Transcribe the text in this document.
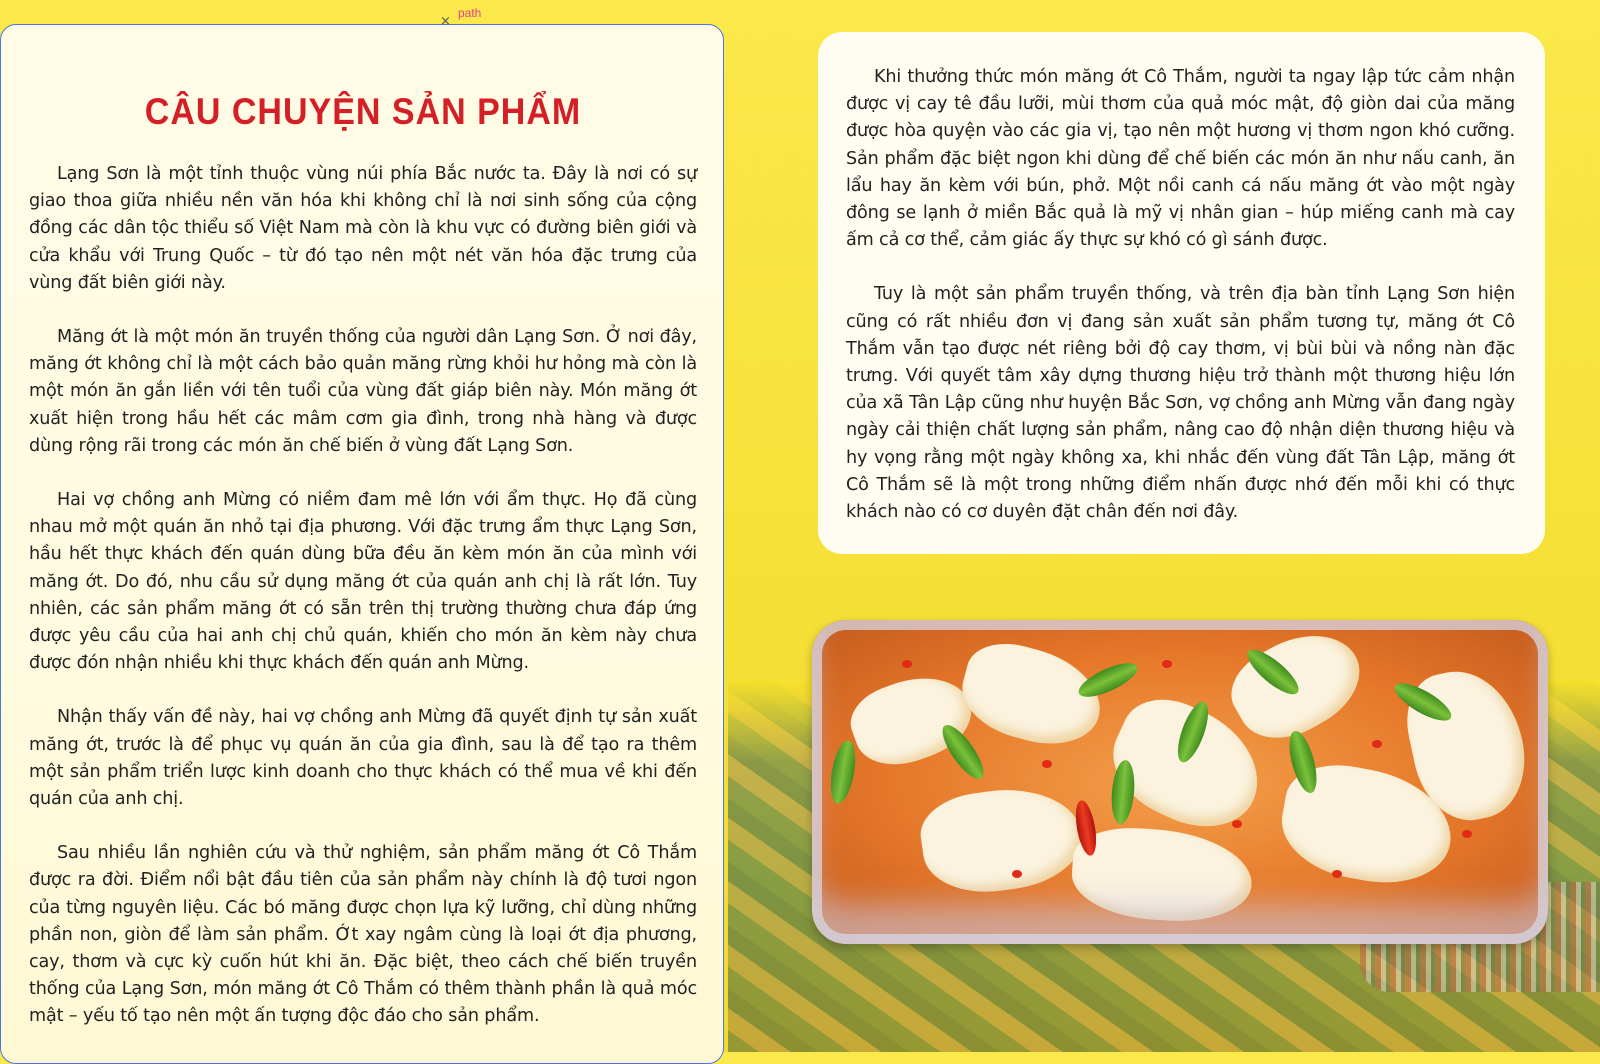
CÂU CHUYỆN SẢN PHẨM

Lạng Sơn là một tỉnh thuộc vùng núi phía Bắc nước ta. Đây là nơi có sự giao thoa giữa nhiều nền văn hóa khi không chỉ là nơi sinh sống của cộng đồng các dân tộc thiểu số Việt Nam mà còn là khu vực có đường biên giới và cửa khẩu với Trung Quốc – từ đó tạo nên một nét văn hóa đặc trưng của vùng đất biên giới này.

Măng ớt là một món ăn truyền thống của người dân Lạng Sơn. Ở nơi đây, măng ớt không chỉ là một cách bảo quản măng rừng khỏi hư hỏng mà còn là một món ăn gắn liền với tên tuổi của vùng đất giáp biên này. Món măng ớt xuất hiện trong hầu hết các mâm cơm gia đình, trong nhà hàng và được dùng rộng rãi trong các món ăn chế biến ở vùng đất Lạng Sơn.

Hai vợ chồng anh Mừng có niềm đam mê lớn với ẩm thực. Họ đã cùng nhau mở một quán ăn nhỏ tại địa phương. Với đặc trưng ẩm thực Lạng Sơn, hầu hết thực khách đến quán dùng bữa đều ăn kèm món ăn của mình với măng ớt. Do đó, nhu cầu sử dụng măng ớt của quán anh chị là rất lớn. Tuy nhiên, các sản phẩm măng ớt có sẵn trên thị trường thường chưa đáp ứng được yêu cầu của hai anh chị chủ quán, khiến cho món ăn kèm này chưa được đón nhận nhiều khi thực khách đến quán anh Mừng.

Nhận thấy vấn đề này, hai vợ chồng anh Mừng đã quyết định tự sản xuất măng ớt, trước là để phục vụ quán ăn của gia đình, sau là để tạo ra thêm một sản phẩm triển lược kinh doanh cho thực khách có thể mua về khi đến quán của anh chị.

Sau nhiều lần nghiên cứu và thử nghiệm, sản phẩm măng ớt Cô Thắm được ra đời. Điểm nổi bật đầu tiên của sản phẩm này chính là độ tươi ngon của từng nguyên liệu. Các bó măng được chọn lựa kỹ lưỡng, chỉ dùng những phần non, giòn để làm sản phẩm. Ớt xay ngâm cùng là loại ớt địa phương, cay, thơm và cực kỳ cuốn hút khi ăn. Đặc biệt, theo cách chế biến truyền thống của Lạng Sơn, món măng ớt Cô Thắm có thêm thành phần là quả móc mật – yếu tố tạo nên một ấn tượng độc đáo cho sản phẩm.

×
path

Khi thưởng thức món măng ớt Cô Thắm, người ta ngay lập tức cảm nhận được vị cay tê đầu lưỡi, mùi thơm của quả móc mật, độ giòn dai của măng được hòa quyện vào các gia vị, tạo nên một hương vị thơm ngon khó cưỡng. Sản phẩm đặc biệt ngon khi dùng để chế biến các món ăn như nấu canh, ăn lẩu hay ăn kèm với bún, phở. Một nồi canh cá nấu măng ớt vào một ngày đông se lạnh ở miền Bắc quả là mỹ vị nhân gian – húp miếng canh mà cay ấm cả cơ thể, cảm giác ấy thực sự khó có gì sánh được.

Tuy là một sản phẩm truyền thống, và trên địa bàn tỉnh Lạng Sơn hiện cũng có rất nhiều đơn vị đang sản xuất sản phẩm tương tự, măng ớt Cô Thắm vẫn tạo được nét riêng bởi độ cay thơm, vị bùi bùi và nồng nàn đặc trưng. Với quyết tâm xây dựng thương hiệu trở thành một thương hiệu lớn của xã Tân Lập cũng như huyện Bắc Sơn, vợ chồng anh Mừng vẫn đang ngày ngày cải thiện chất lượng sản phẩm, nâng cao độ nhận diện thương hiệu và hy vọng rằng một ngày không xa, khi nhắc đến vùng đất Tân Lập, măng ớt Cô Thắm sẽ là một trong những điểm nhấn được nhớ đến mỗi khi có thực khách nào có cơ duyên đặt chân đến nơi đây.
